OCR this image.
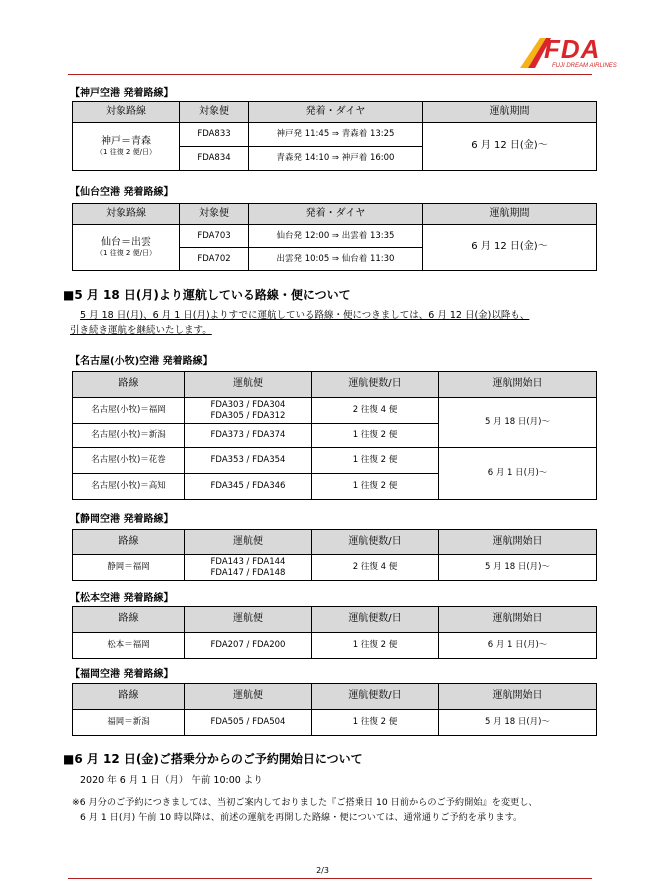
FDA
FUJI DREAM AIRLINES
【神戸空港 発着路線】
対象路線	対象便	発着・ダイヤ	運航期間

神戸＝青森
（1 往復 2 便/日）	FDA833	神戸発 11:45 ⇒ 青森着 13:25	6 月 12 日(金)～
	FDA834	青森発 14:10 ⇒ 神戸着 16:00	
【仙台空港 発着路線】
対象路線	対象便	発着・ダイヤ	運航期間

仙台＝出雲
（1 往復 2 便/日）	FDA703	仙台発 12:00 ⇒ 出雲着 13:35	6 月 12 日(金)～
	FDA702	出雲発 10:05 ⇒ 仙台着 11:30	
■5 月 18 日(月)より運航している路線・便について
5 月 18 日(月)、6 月 1 日(月)よりすでに運航している路線・便につきましては、6 月 12 日(金)以降も、
引き続き運航を継続いたします。
【名古屋(小牧)空港 発着路線】
路線	運航便	運航便数/日	運航開始日
名古屋(小牧)＝福岡	FDA303 / FDA304
FDA305 / FDA312	2 往復 4 便	5 月 18 日(月)～
名古屋(小牧)＝新潟	FDA373 / FDA374	1 往復 2 便	
名古屋(小牧)＝花巻	FDA353 / FDA354	1 往復 2 便	6 月 1 日(月)～
名古屋(小牧)＝高知	FDA345 / FDA346	1 往復 2 便	
【静岡空港 発着路線】
路線	運航便	運航便数/日	運航開始日
静岡＝福岡	FDA143 / FDA144
FDA147 / FDA148	2 往復 4 便	5 月 18 日(月)～
【松本空港 発着路線】
路線	運航便	運航便数/日	運航開始日
松本＝福岡	FDA207 / FDA200	1 往復 2 便	6 月 1 日(月)～
【福岡空港 発着路線】
路線	運航便	運航便数/日	運航開始日
福岡＝新潟	FDA505 / FDA504	1 往復 2 便	5 月 18 日(月)～
■6 月 12 日(金)ご搭乗分からのご予約開始日について
2020 年 6 月 1 日（月） 午前 10:00 より
※6 月分のご予約につきましては、当初ご案内しておりました『ご搭乗日 10 日前からのご予約開始』を変更し、
6 月 1 日(月) 午前 10 時以降は、前述の運航を再開した路線・便については、通常通りご予約を承ります。
2/3
